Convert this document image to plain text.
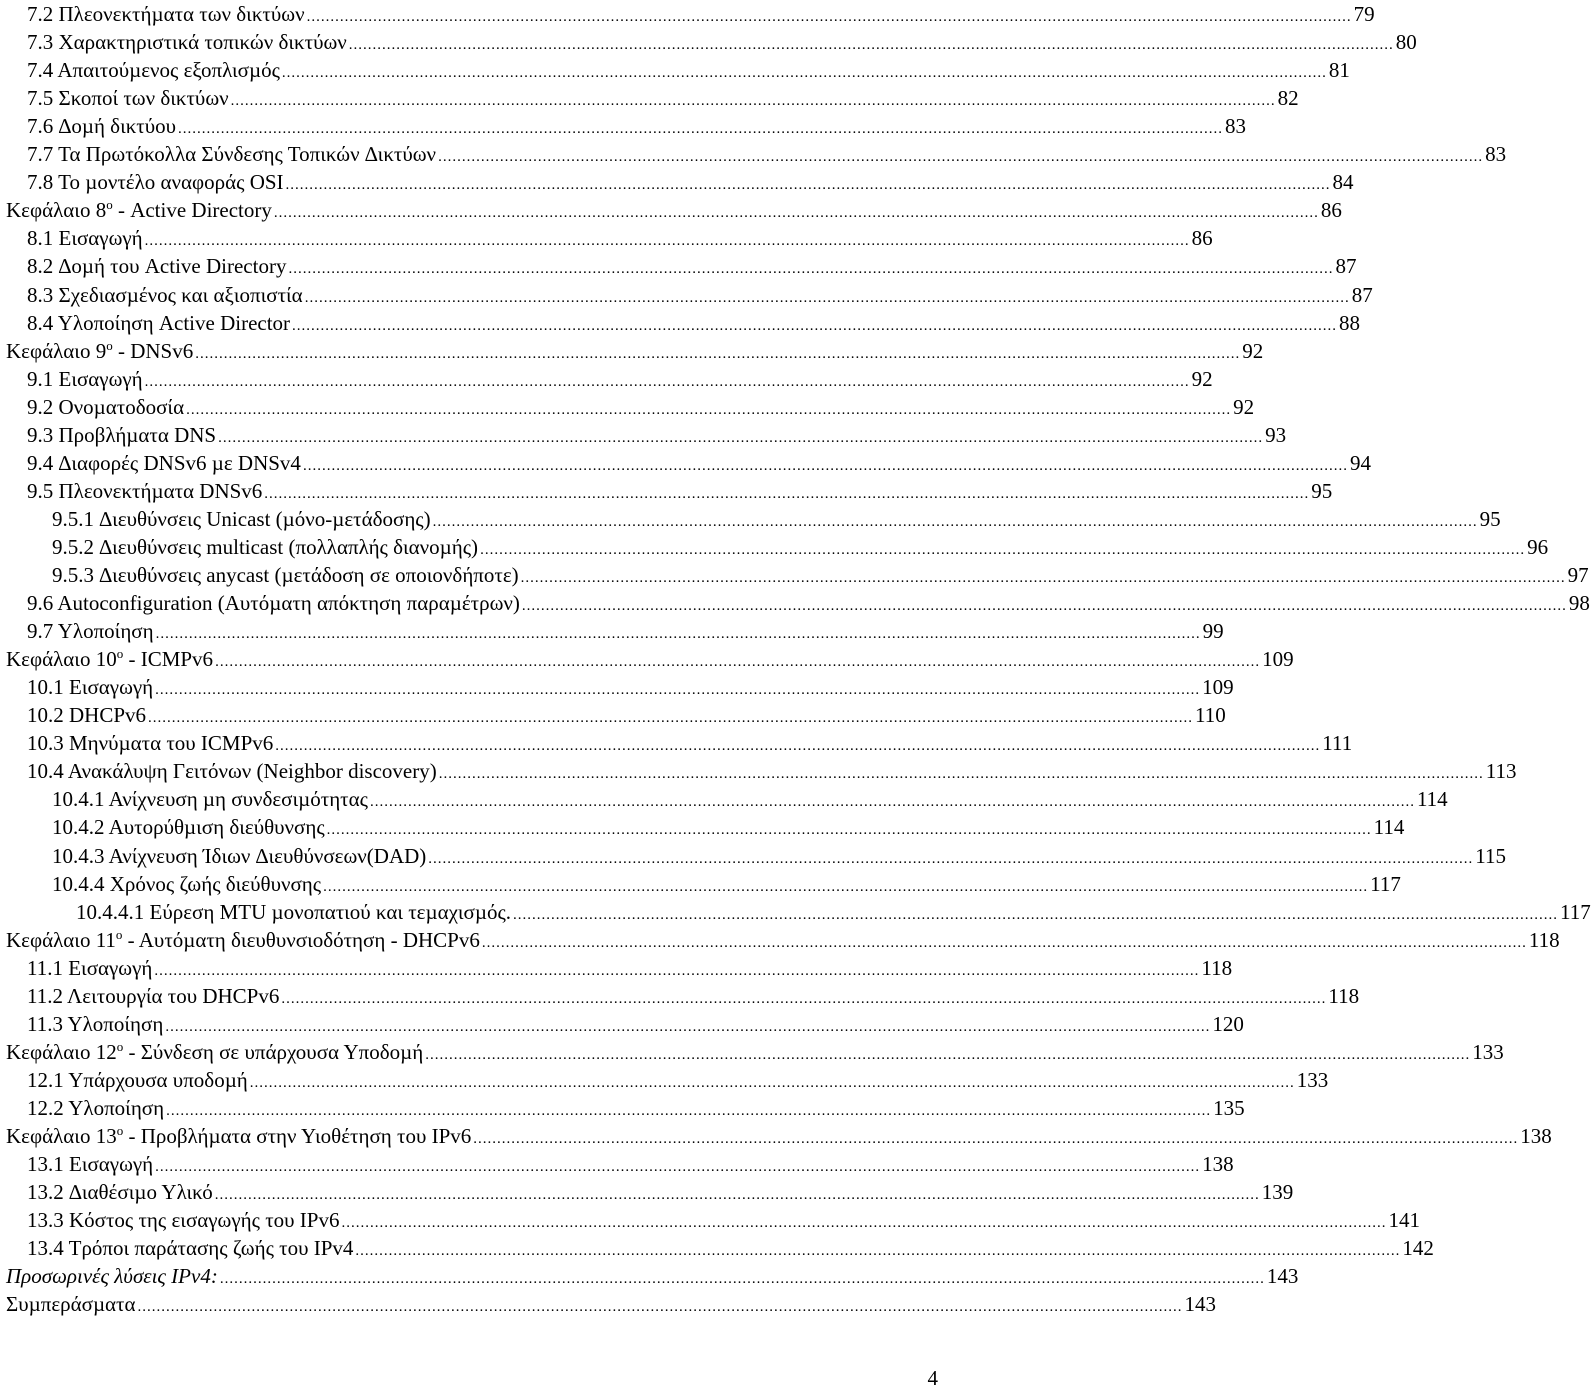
7.2 Πλεονεκτήµατα των δικτύων ............................................................................................................................................................................................................................ 79
7.3 Χαρακτηριστικά τοπικών δικτύων ............................................................................................................................................................................................................................ 80
7.4 Απαιτούµενος εξοπλισµός ............................................................................................................................................................................................................................ 81
7.5 Σκοποί των δικτύων ............................................................................................................................................................................................................................ 82
7.6 ∆οµή δικτύου ............................................................................................................................................................................................................................ 83
7.7 Τα Πρωτόκολλα Σύνδεσης Τοπικών ∆ικτύων ............................................................................................................................................................................................................................ 83
7.8 Το µοντέλο αναφοράς OSI ............................................................................................................................................................................................................................ 84
Κεφάλαιο $8^o$ - Active Directory ............................................................................................................................................................................................................................ 86
8.1 Εισαγωγή ............................................................................................................................................................................................................................ 86
8.2 ∆οµή του Active Directory ............................................................................................................................................................................................................................ 87
8.3 Σχεδιασµένος και αξιοπιστία ............................................................................................................................................................................................................................ 87
8.4 Υλοποίηση Active Director ............................................................................................................................................................................................................................ 88
Κεφάλαιο $9^o$ - DNSv6 ............................................................................................................................................................................................................................ 92
9.1 Εισαγωγή ............................................................................................................................................................................................................................ 92
9.2 Ονοµατοδοσία ............................................................................................................................................................................................................................ 92
9.3 Προβλήµατα DNS ............................................................................................................................................................................................................................ 93
9.4 ∆ιαφορές DNSv6 µε DNSv4 ............................................................................................................................................................................................................................ 94
9.5 Πλεονεκτήµατα DNSv6 ............................................................................................................................................................................................................................ 95
9.5.1 ∆ιευθύνσεις Unicast (µόνο-µετάδοσης) ............................................................................................................................................................................................................................ 95
9.5.2 ∆ιευθύνσεις multicast (πολλαπλής διανοµής) ............................................................................................................................................................................................................................ 96
9.5.3 ∆ιευθύνσεις anycast (µετάδοση σε οποιονδήποτε) ............................................................................................................................................................................................................................ 97
9.6 Autoconfiguration (Αυτόµατη απόκτηση παραµέτρων) ............................................................................................................................................................................................................................ 98
9.7 Υλοποίηση ............................................................................................................................................................................................................................ 99
Κεφάλαιο $10^o$ - ICMPv6 ............................................................................................................................................................................................................................ 109
10.1 Εισαγωγή ............................................................................................................................................................................................................................ 109
10.2 DHCPv6 ............................................................................................................................................................................................................................ 110
10.3 Μηνύµατα του ICMPv6 ............................................................................................................................................................................................................................ 111
10.4 Ανακάλυψη Γειτόνων (Neighbor discovery) ............................................................................................................................................................................................................................ 113
10.4.1 Ανίχνευση µη συνδεσιµότητας ............................................................................................................................................................................................................................ 114
10.4.2 Αυτορύθµιση διεύθυνσης ............................................................................................................................................................................................................................ 114
10.4.3 Ανίχνευση Ίδιων ∆ιευθύνσεων(DAD) ............................................................................................................................................................................................................................ 115
10.4.4 Χρόνος ζωής διεύθυνσης ............................................................................................................................................................................................................................ 117
10.4.4.1 Εύρεση MTU µονοπατιού και τεµαχισµός. ............................................................................................................................................................................................................................ 117
Κεφάλαιο $11^o$ - Αυτόµατη διευθυνσιοδότηση - DHCPv6 ............................................................................................................................................................................................................................ 118
11.1 Εισαγωγή ............................................................................................................................................................................................................................ 118
11.2 Λειτουργία του DHCPv6 ............................................................................................................................................................................................................................ 118
11.3 Υλοποίηση ............................................................................................................................................................................................................................ 120
Κεφάλαιο $12^o$ - Σύνδεση σε υπάρχουσα Υποδοµή ............................................................................................................................................................................................................................ 133
12.1 Υπάρχουσα υποδοµή ............................................................................................................................................................................................................................ 133
12.2 Υλοποίηση ............................................................................................................................................................................................................................ 135
Κεφάλαιο $13^o$ - Προβλήµατα στην Υιοθέτηση του IPv6 ............................................................................................................................................................................................................................ 138
13.1 Εισαγωγή ............................................................................................................................................................................................................................ 138
13.2 ∆ιαθέσιµο Υλικό ............................................................................................................................................................................................................................ 139
13.3 Κόστος της εισαγωγής του IPv6 ............................................................................................................................................................................................................................ 141
13.4 Τρόποι παράτασης ζωής του IPv4 ............................................................................................................................................................................................................................ 142
Προσωρινές λύσεις IPv4: ............................................................................................................................................................................................................................ 143
Συµπεράσµατα ............................................................................................................................................................................................................................ 143
4
